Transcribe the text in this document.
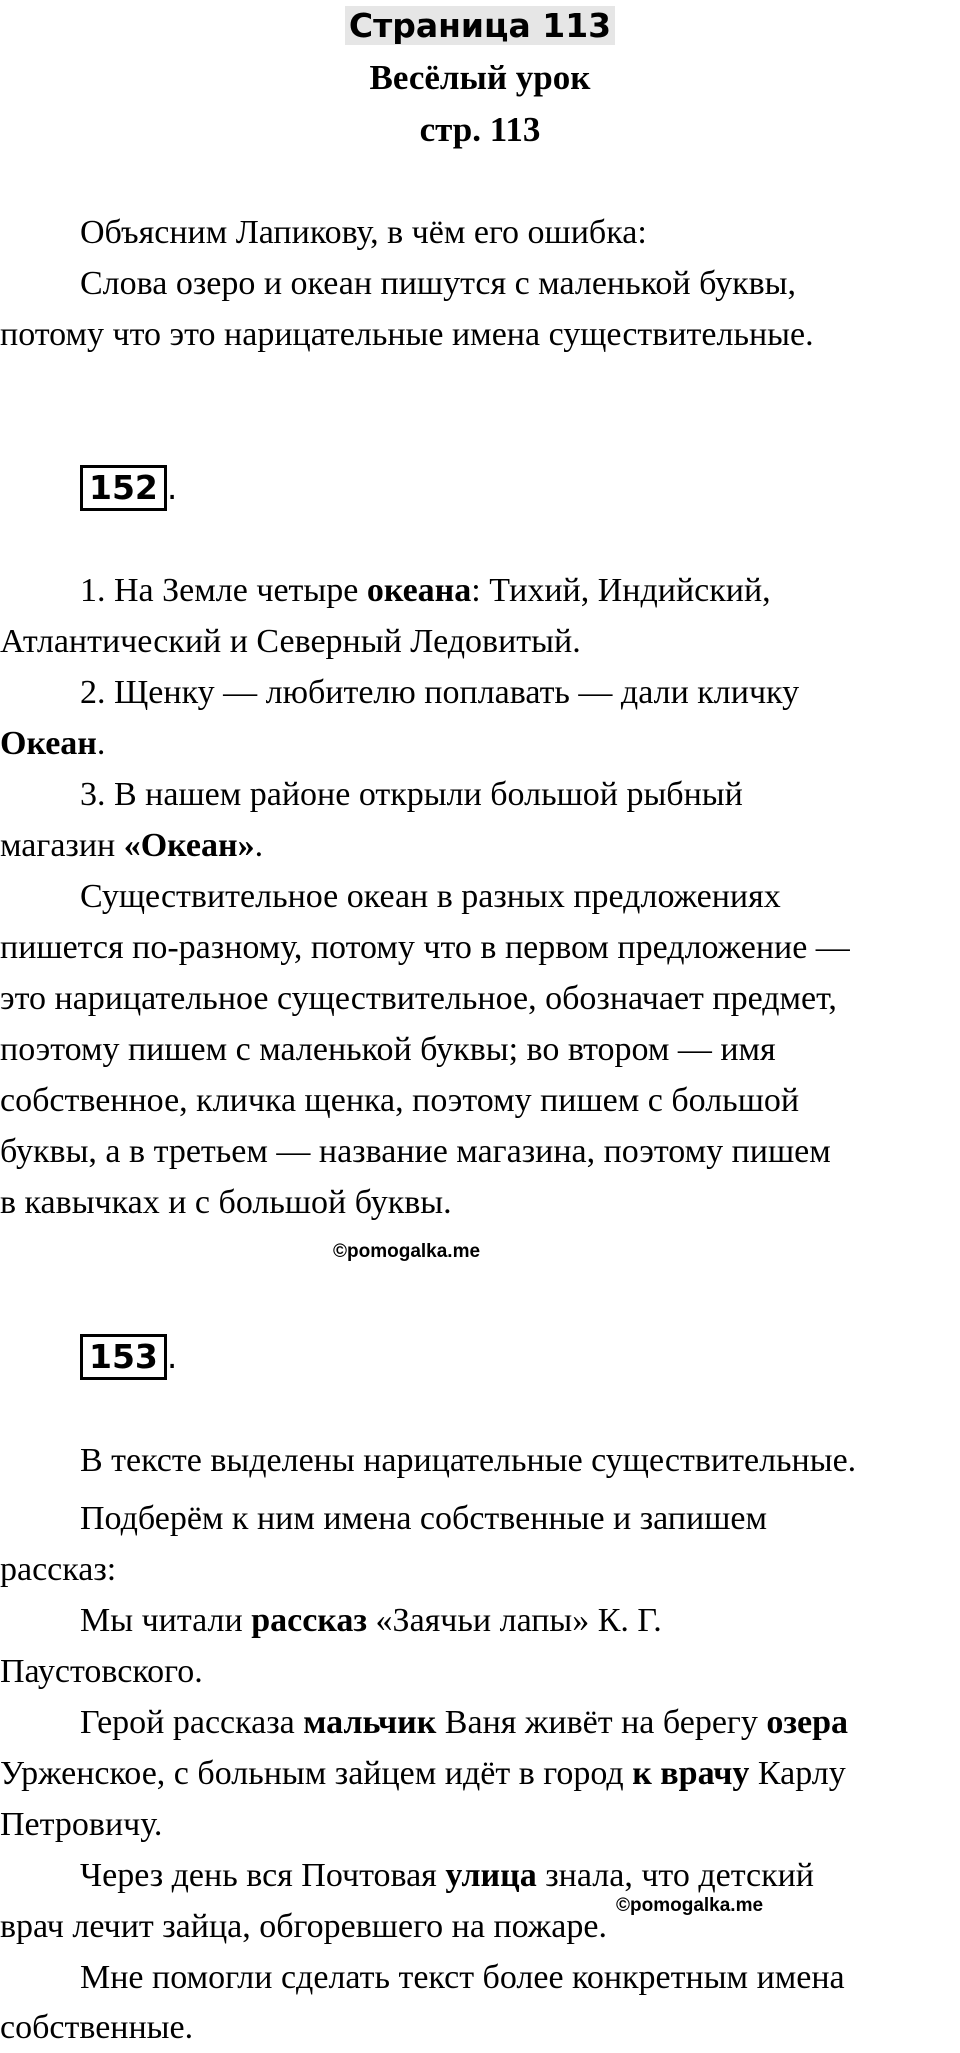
Страница 113
Весёлый урок
стр. 113

Объясним Лапикову, в чём его ошибка:

Слова озеро и океан пишутся с маленькой буквы,

потому что это нарицательные имена существительные.

152 .

1. На Земле четыре океана: Тихий, Индийский,

Атлантический и Северный Ледовитый.

2. Щенку — любителю поплавать — дали кличку

Океан.

3. В нашем районе открыли большой рыбный

магазин «Океан».

Существительное океан в разных предложениях

пишется по-разному, потому что в первом предложение —

это нарицательное существительное, обозначает предмет,

поэтому пишем с маленькой буквы; во втором — имя

собственное, кличка щенка, поэтому пишем с большой

буквы, а в третьем — название магазина, поэтому пишем

в кавычках и с большой буквы.

©pomogalka.me
153 .

В тексте выделены нарицательные существительные.

Подберём к ним имена собственные и запишем

рассказ:

Мы читали рассказ «Заячьи лапы» К. Г.

Паустовского.

Герой рассказа мальчик Ваня живёт на берегу озера

Урженское, с больным зайцем идёт в город к врачу Карлу

Петровичу.

Через день вся Почтовая улица знала, что детский

врач лечит зайца, обгоревшего на пожаре.

Мне помогли сделать текст более конкретным имена

собственные.

©pomogalka.me
